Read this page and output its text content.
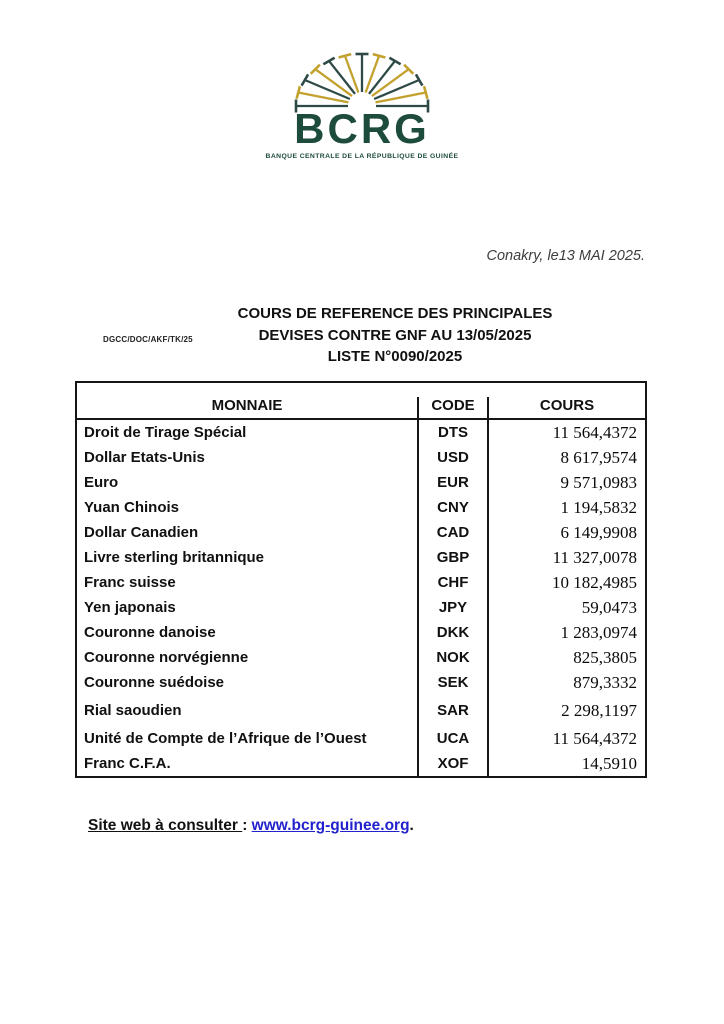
BCRG
BANQUE CENTRALE DE LA RÉPUBLIQUE DE GUINÉE
Conakry, le13 MAI 2025.
DGCC/DOC/AKF/TK/25
COURS DE REFERENCE DES PRINCIPALES
DEVISES CONTRE GNF AU 13/05/2025
LISTE N°0090/2025
MONNAIE	CODE	COURS
Droit de Tirage Spécial	DTS	11 564,4372
Dollar Etats-Unis	USD	8 617,9574
Euro	EUR	9 571,0983
Yuan Chinois	CNY	1 194,5832
Dollar Canadien	CAD	6 149,9908
Livre sterling britannique	GBP	11 327,0078
Franc suisse	CHF	10 182,4985
Yen japonais	JPY	59,0473
Couronne danoise	DKK	1 283,0974
Couronne norvégienne	NOK	825,3805
Couronne suédoise	SEK	879,3332
Rial saoudien	SAR	2 298,1197
Unité de Compte de l’Afrique de l’Ouest	UCA	11 564,4372
Franc C.F.A.	XOF	14,5910
Site web à consulter : www.bcrg-guinee.org.
